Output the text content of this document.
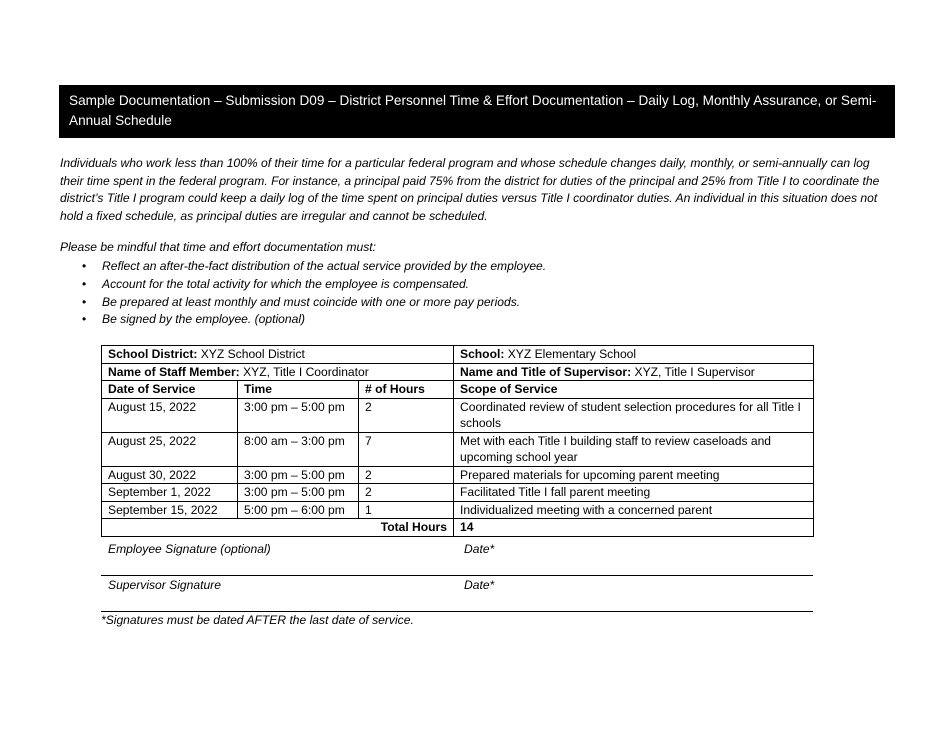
Sample Documentation – Submission D09 – District Personnel Time & Effort Documentation – Daily Log, Monthly Assurance, or Semi-Annual Schedule
Individuals who work less than 100% of their time for a particular federal program and whose schedule changes daily, monthly, or semi-annually can log their time spent in the federal program. For instance, a principal paid 75% from the district for duties of the principal and 25% from Title I to coordinate the district’s Title I program could keep a daily log of the time spent on principal duties versus Title I coordinator duties. An individual in this situation does not hold a fixed schedule, as principal duties are irregular and cannot be scheduled.
Please be mindful that time and effort documentation must:
• Reflect an after-the-fact distribution of the actual service provided by the employee.
• Account for the total activity for which the employee is compensated.
• Be prepared at least monthly and must coincide with one or more pay periods.
• Be signed by the employee. (optional)
School District: XYZ School District			School: XYZ Elementary School
Name of Staff Member: XYZ, Title I Coordinator			Name and Title of Supervisor: XYZ, Title I Supervisor
Date of Service	Time	# of Hours	Scope of Service
August 15, 2022	3:00 pm – 5:00 pm	2	Coordinated review of student selection procedures for all Title I schools
August 25, 2022	8:00 am – 3:00 pm	7	Met with each Title I building staff to review caseloads and upcoming school year
August 30, 2022	3:00 pm – 5:00 pm	2	Prepared materials for upcoming parent meeting
September 1, 2022	3:00 pm – 5:00 pm	2	Facilitated Title I fall parent meeting
September 15, 2022	5:00 pm – 6:00 pm	1	Individualized meeting with a concerned parent
Total Hours			14
Employee Signature (optional)	Date*
Supervisor Signature	Date*
*Signatures must be dated AFTER the last date of service.
